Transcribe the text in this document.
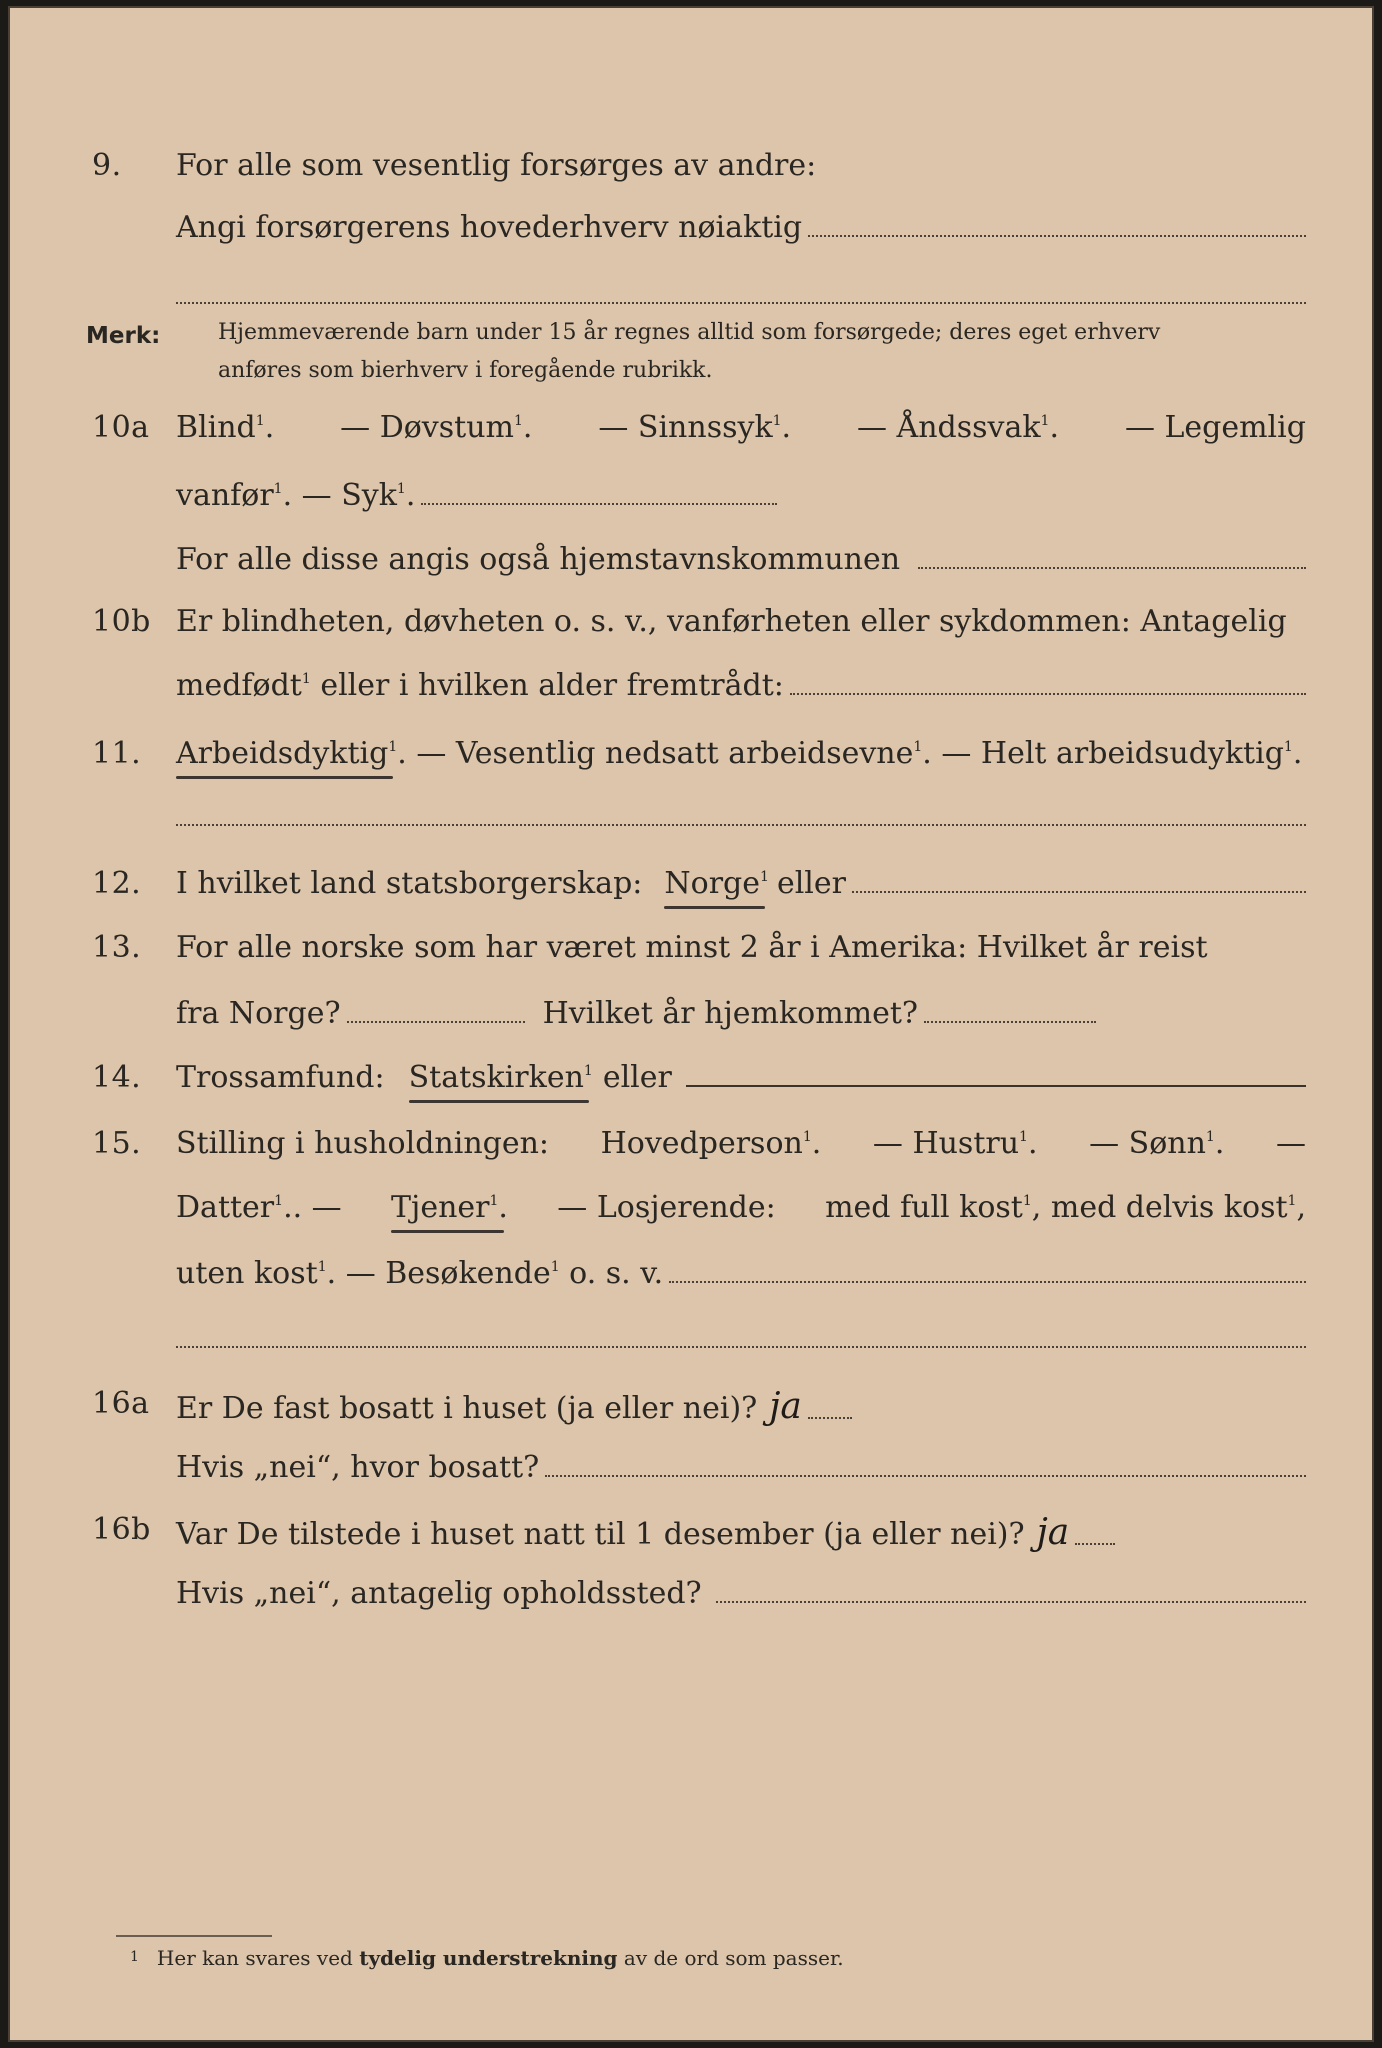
9.	For alle som vesentlig forsørges av andre:
Angi forsørgerens hovederhverv nøiaktig
Merk:	Hjemmeværende barn under 15 år regnes alltid som forsørgede; deres eget erhverv
anføres som bierhverv i foregående rubrikk.
10a Blind$^1$. — Døvstum$^1$. — Sinnssyk$^1$. — Åndssvak$^1$. — Legemlig
vanfør$^1$. — Syk$^1$.
For alle disse angis også hjemstavnskommunen
10b Er blindheten, døvheten o. s. v., vanførheten eller sykdommen: Antagelig
medfødt$^1$ eller i hvilken alder fremtrådt:
11.	Arbeidsdyktig$^1$ . — Vesentlig nedsatt arbeidsevne$^1$. — Helt arbeidsudyktig$^1$.
12.	I hvilket land statsborgerskap: Norge$^1$ eller
13.	For alle norske som har været minst 2 år i Amerika: Hvilket år reist
fra Norge?	Hvilket år hjemkommet?
14.	Trossamfund: Statskirken$^1$ eller
15.	Stilling i husholdningen: Hovedperson$^1$. — Hustru$^1$. — Sønn$^1$. —
Datter$^1$.. — Tjener$^1$. — Losjerende: med full kost$^1$, med delvis kost$^1$,
uten kost$^1$. — Besøkende$^1$ o. s. v.
16a Er De fast bosatt i huset (ja eller nei)? ja
Hvis „nei“, hvor bosatt?
16b Var De tilstede i huset natt til 1 desember (ja eller nei)? ja
Hvis „nei“, antagelig opholdssted?
$^1$ Her kan svares ved tydelig understrekning av de ord som passer.
